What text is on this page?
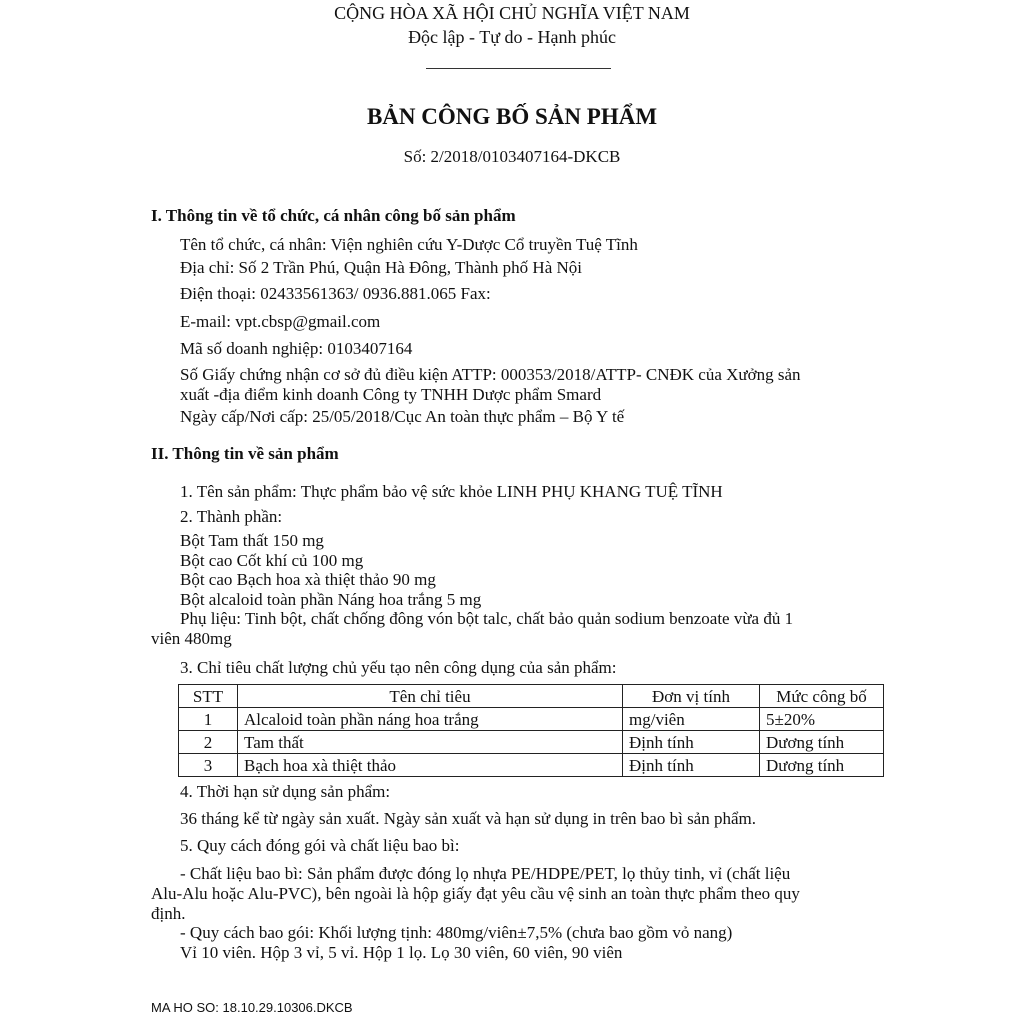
CỘNG HÒA XÃ HỘI CHỦ NGHĨA VIỆT NAM
Độc lập - Tự do - Hạnh phúc
BẢN CÔNG BỐ SẢN PHẨM
Số: 2/2018/0103407164-DKCB
I. Thông tin về tổ chức, cá nhân công bố sản phẩm
Tên tổ chức, cá nhân: Viện nghiên cứu Y-Dược Cổ truyền Tuệ Tĩnh
Địa chỉ: Số 2 Trần Phú, Quận Hà Đông, Thành phố Hà Nội
Điện thoại: 02433561363/ 0936.881.065 Fax:
E-mail: vpt.cbsp@gmail.com
Mã số doanh nghiệp: 0103407164
Số Giấy chứng nhận cơ sở đủ điều kiện ATTP: 000353/2018/ATTP- CNĐK của Xưởng sản
xuất -địa điểm kinh doanh Công ty TNHH Dược phẩm Smard
Ngày cấp/Nơi cấp: 25/05/2018/Cục An toàn thực phẩm – Bộ Y tế
II. Thông tin về sản phẩm
1. Tên sản phẩm: Thực phẩm bảo vệ sức khỏe LINH PHỤ KHANG TUỆ TĨNH
2. Thành phần:
Bột Tam thất 150 mg
Bột cao Cốt khí củ 100 mg
Bột cao Bạch hoa xà thiệt thảo 90 mg
Bột alcaloid toàn phần Náng hoa trắng 5 mg
Phụ liệu: Tinh bột, chất chống đông vón bột talc, chất bảo quản sodium benzoate vừa đủ 1
viên 480mg
3. Chỉ tiêu chất lượng chủ yếu tạo nên công dụng của sản phẩm:
STT	Tên chỉ tiêu	Đơn vị tính	Mức công bố
1	Alcaloid toàn phần náng hoa trắng	mg/viên	5±20%
2	Tam thất	Định tính	Dương tính
3	Bạch hoa xà thiệt thảo	Định tính	Dương tính
4. Thời hạn sử dụng sản phẩm:
36 tháng kể từ ngày sản xuất. Ngày sản xuất và hạn sử dụng in trên bao bì sản phẩm.
5. Quy cách đóng gói và chất liệu bao bì:
- Chất liệu bao bì: Sản phẩm được đóng lọ nhựa PE/HDPE/PET, lọ thủy tinh, vỉ (chất liệu
Alu-Alu hoặc Alu-PVC), bên ngoài là hộp giấy đạt yêu cầu vệ sinh an toàn thực phẩm theo quy
định.
- Quy cách bao gói: Khối lượng tịnh: 480mg/viên±7,5% (chưa bao gồm vỏ nang)
Vỉ 10 viên. Hộp 3 vỉ, 5 vỉ. Hộp 1 lọ. Lọ 30 viên, 60 viên, 90 viên
MA HO SO: 18.10.29.10306.DKCB
